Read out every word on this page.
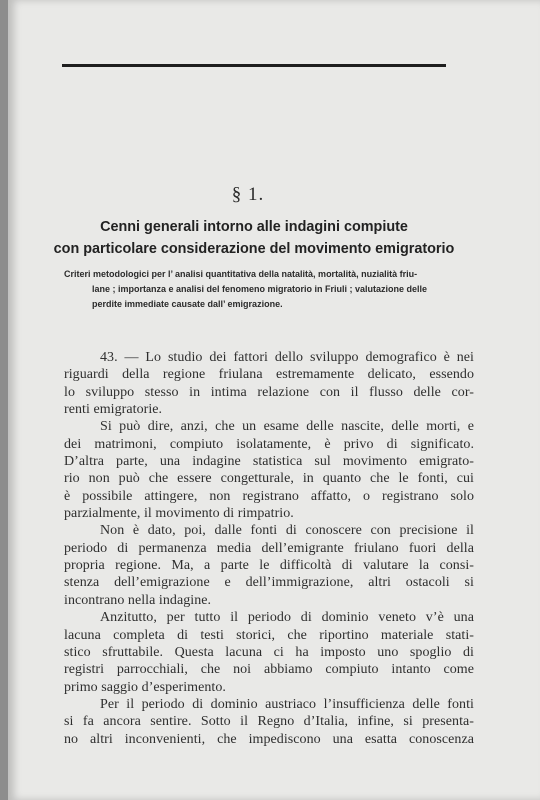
§ 1.
Cenni generali intorno alle indagini compiute
con particolare considerazione del movimento emigratorio
Criteri metodologici per l’ analisi quantitativa della natalità, mortalità, nuzialità friu-
lane ; importanza e analisi del fenomeno migratorio in Friuli ; valutazione delle
perdite immediate causate dall’ emigrazione.
43. — Lo studio dei fattori dello sviluppo demografico è nei
riguardi della regione friulana estremamente delicato, essendo
lo sviluppo stesso in intima relazione con il flusso delle cor-
renti emigratorie.
Si può dire, anzi, che un esame delle nascite, delle morti, e
dei matrimoni, compiuto isolatamente, è privo di significato.
D’altra parte, una indagine statistica sul movimento emigrato-
rio non può che essere congetturale, in quanto che le fonti, cui
è possibile attingere, non registrano affatto, o registrano solo
parzialmente, il movimento di rimpatrio.
Non è dato, poi, dalle fonti di conoscere con precisione il
periodo di permanenza media dell’emigrante friulano fuori della
propria regione. Ma, a parte le difficoltà di valutare la consi-
stenza dell’emigrazione e dell’immigrazione, altri ostacoli si
incontrano nella indagine.
Anzitutto, per tutto il periodo di dominio veneto v’è una
lacuna completa di testi storici, che riportino materiale stati-
stico sfruttabile. Questa lacuna ci ha imposto uno spoglio di
registri parrocchiali, che noi abbiamo compiuto intanto come
primo saggio d’esperimento.
Per il periodo di dominio austriaco l’insufficienza delle fonti
si fa ancora sentire. Sotto il Regno d’Italia, infine, si presenta-
no altri inconvenienti, che impediscono una esatta conoscenza
